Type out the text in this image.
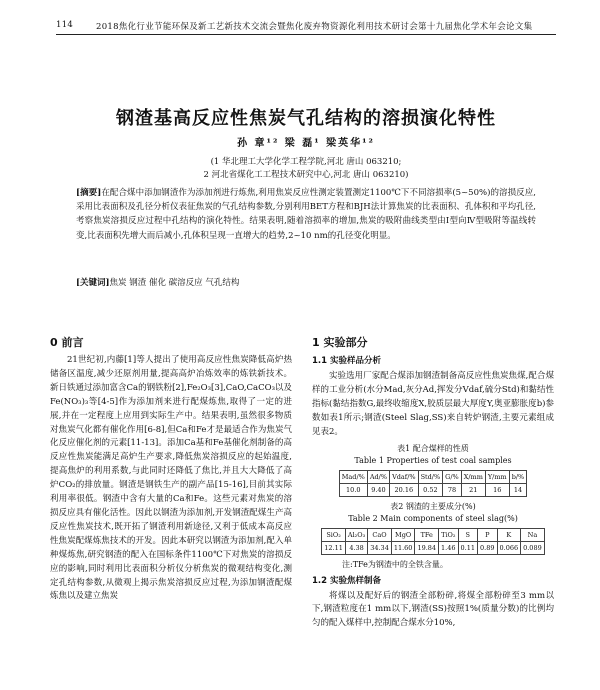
114	2018焦化行业节能环保及新工艺新技术交流会暨焦化废弃物资源化利用技术研讨会第十九届焦化学术年会论文集
钢渣基高反应性焦炭气孔结构的溶损演化特性
孙 章¹² 梁 磊¹ 梁英华¹²
(1 华北理工大学化学工程学院,河北 唐山 063210;
2 河北省煤化工工程技术研究中心,河北 唐山 063210)
[摘要]在配合煤中添加钢渣作为添加剂进行炼焦,利用焦炭反应性测定装置测定1100℃下不同溶损率(5~50%)的溶损反应,采用比表面积及孔径分析仪表征焦炭的气孔结构参数,分别利用BET方程和BJH法计算焦炭的比表面积、孔体积和平均孔径,考察焦炭溶损反应过程中孔结构的演化特性。结果表明,随着溶损率的增加,焦炭的吸附曲线类型由Ⅰ型向Ⅳ型吸附等温线转变,比表面积先增大而后减小,孔体积呈现一直增大的趋势,2~10 nm的孔径变化明显。
[关键词]焦炭 钢渣 催化 碳溶反应 气孔结构
0 前言
21世纪初,内藤[1]等人提出了使用高反应性焦炭降低高炉热储备区温度,减少还原剂用量,提高高炉冶炼效率的炼铁新技术。新日铁通过添加富含Ca的钢铁粉[2],Fe₂O₃[3],CaO,CaCO₃以及Fe(NO₃)₃等[4-5]作为添加剂来进行配煤炼焦,取得了一定的进展,并在一定程度上应用到实际生产中。结果表明,虽然很多物质对焦炭气化都有催化作用[6-8],但Ca和Fe才是最适合作为焦炭气化反应催化剂的元素[11-13]。添加Ca基和Fe基催化剂制备的高反应性焦炭能满足高炉生产要求,降低焦炭溶损反应的起始温度,提高焦炉的利用系数,与此同时还降低了焦比,并且大大降低了高炉CO₂的排放量。钢渣是钢铁生产的副产品[15-16],目前其实际利用率很低。钢渣中含有大量的Ca和Fe。这些元素对焦炭的溶损反应具有催化活性。因此以钢渣为添加剂,开发钢渣配煤生产高反应性焦炭技术,既开拓了钢渣利用新途径,又利于低成本高反应性焦炭配煤炼焦技术的开发。因此本研究以钢渣为添加剂,配入单种煤炼焦,研究钢渣的配入在国标条件1100℃下对焦炭的溶损反应的影响,同时利用比表面积分析仪分析焦炭的微观结构变化,测定孔结构参数,从微观上揭示焦炭溶损反应过程,为添加钢渣配煤炼焦以及建立焦炭
1 实验部分
1.1 实验样品分析
实验选用厂家配合煤添加钢渣制备高反应性焦炭焦煤,配合煤样的工业分析(水分Mad,灰分Ad,挥发分Vdaf,硫分Std)和黏结性指标(黏结指数G,最终收缩度X,胶质层最大厚度Y,奥亚膨胀度b)参数如表1所示;钢渣(Steel Slag,SS)来自转炉钢渣,主要元素组成见表2。
表1 配合煤样的性质
Table 1 Properties of test coal samples
Mad/%	Ad/%	Vdaf/%	Std/%	G/%	X/mm	Y/mm	b/%
10.0	9.40	20.16	0.52	78	21	16	14
表2 钢渣的主要成分(%)
Table 2 Main components of steel slag(%)
SiO₂	Al₂O₃	CaO	MgO	TFe	TiO₂	S	P	K	Na
12.11	4.38	34.34	11.60	19.84	1.46	0.11	0.89	0.066	0.089
注:TFe为钢渣中的全铁含量。
1.2 实验焦样制备
将煤以及配好后的钢渣全部粉碎,将煤全部粉碎至3 mm以下,钢渣粒度在1 mm以下,钢渣(SS)按照1%(质量分数)的比例均匀的配入煤样中,控制配合煤水分10%,
